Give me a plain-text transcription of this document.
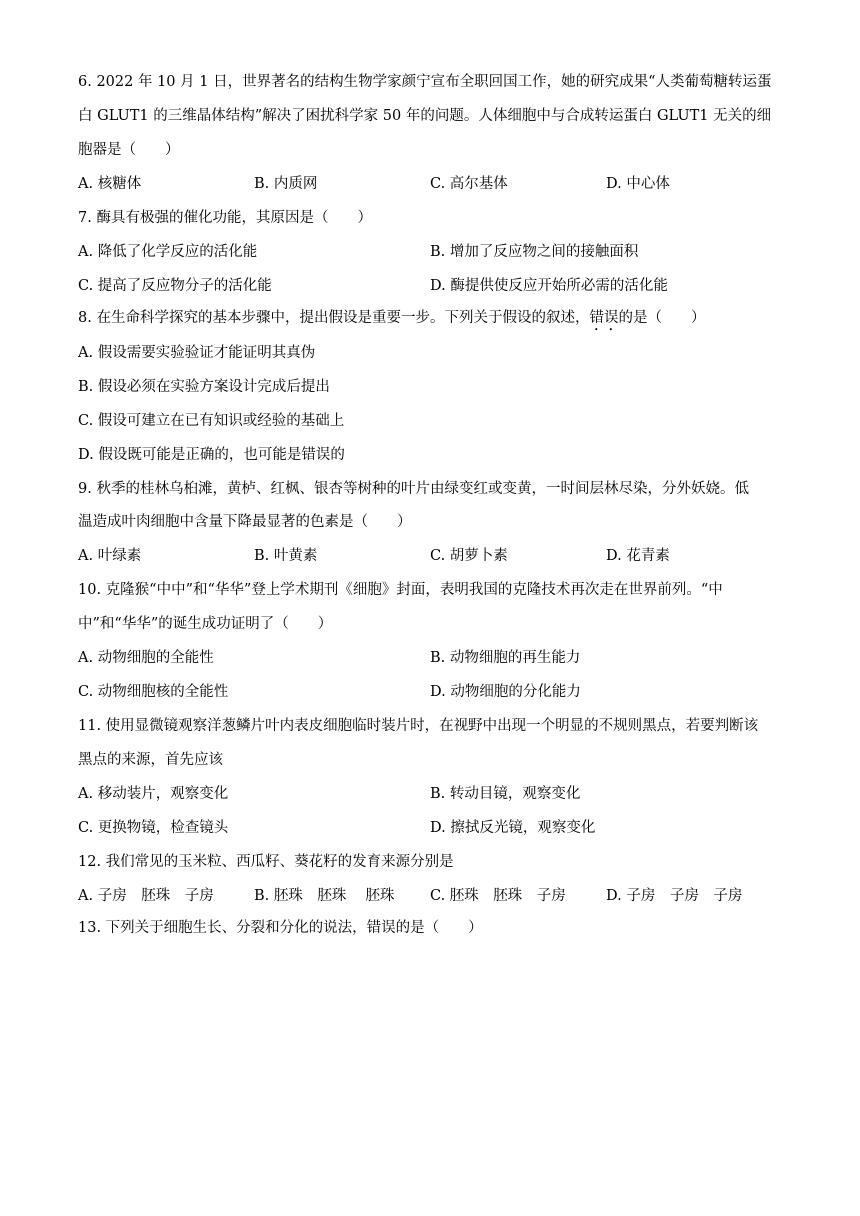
6. 2022 年 10 月 1 日，世界著名的结构生物学家颜宁宣布全职回国工作，她的研究成果“人类葡萄糖转运蛋
白 GLUT1 的三维晶体结构”解决了困扰科学家 50 年的问题。人体细胞中与合成转运蛋白 GLUT1 无关的细
胞器是（　　）
A. 核糖体	B. 内质网	C. 高尔基体	D. 中心体
7. 酶具有极强的催化功能，其原因是（　　）
A. 降低了化学反应的活化能	B. 增加了反应物之间的接触面积
C. 提高了反应物分子的活化能	D. 酶提供使反应开始所必需的活化能
8. 在生命科学探究的基本步骤中，提出假设是重要一步。下列关于假设的叙述，错误的是（　　）
A. 假设需要实验验证才能证明其真伪
B. 假设必须在实验方案设计完成后提出
C. 假设可建立在已有知识或经验的基础上
D. 假设既可能是正确的，也可能是错误的
9. 秋季的桂林乌桕滩，黄栌、红枫、银杏等树种的叶片由绿变红或变黄，一时间层林尽染，分外妖娆。低
温造成叶肉细胞中含量下降最显著的色素是（　　）
A. 叶绿素	B. 叶黄素	C. 胡萝卜素	D. 花青素
10. 克隆猴“中中”和“华华”登上学术期刊《细胞》封面，表明我国的克隆技术再次走在世界前列。“中
中”和“华华”的诞生成功证明了（　　）
A. 动物细胞的全能性	B. 动物细胞的再生能力
C. 动物细胞核的全能性	D. 动物细胞的分化能力
11. 使用显微镜观察洋葱鳞片叶内表皮细胞临时装片时，在视野中出现一个明显的不规则黑点，若要判断该
黑点的来源，首先应该
A. 移动装片，观察变化	B. 转动目镜，观察变化
C. 更换物镜，检查镜头	D. 擦拭反光镜，观察变化
12. 我们常见的玉米粒、西瓜籽、葵花籽的发育来源分别是
A. 子房　胚珠　子房	B. 胚珠　胚珠　 胚珠 C. 胚珠　胚珠　子房	D. 子房　子房　子房
13. 下列关于细胞生长、分裂和分化的说法，错误的是（　　）
